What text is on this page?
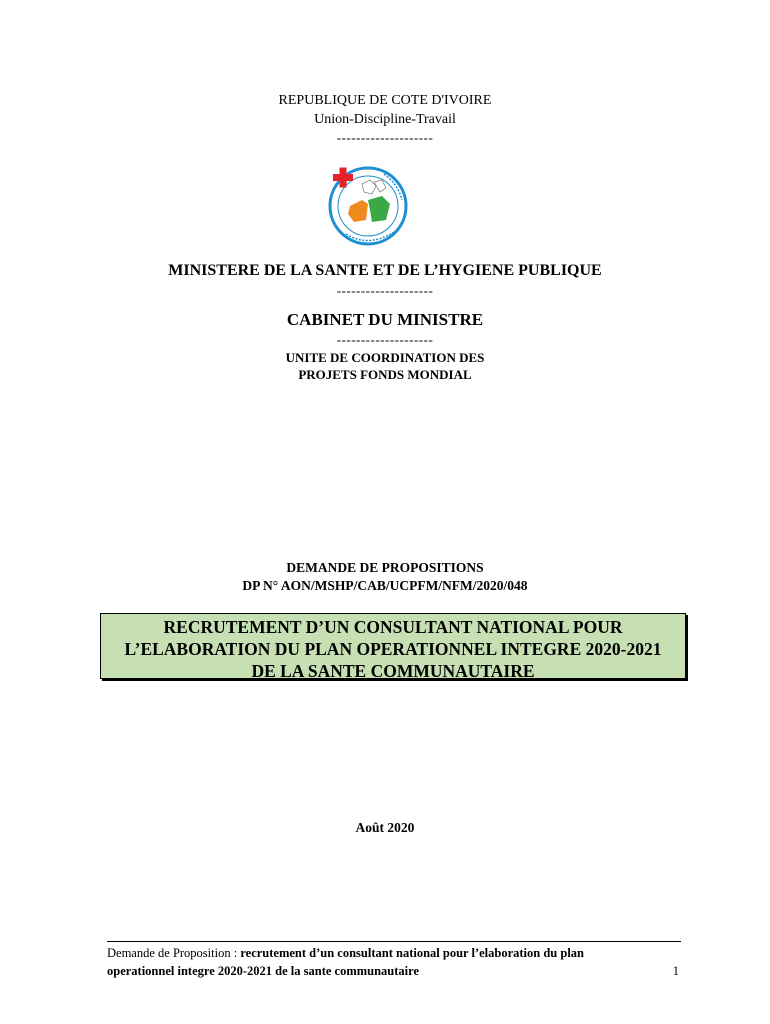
REPUBLIQUE DE COTE D'IVOIRE
Union-Discipline-Travail
--------------------
MINISTERE DE LA SANTE ET DE L’HYGIENE PUBLIQUE
--------------------
CABINET DU MINISTRE
--------------------
UNITE DE COORDINATION DES
PROJETS FONDS MONDIAL
DEMANDE DE PROPOSITIONS
DP N° AON/MSHP/CAB/UCPFM/NFM/2020/048
RECRUTEMENT D’UN CONSULTANT NATIONAL POUR
L’ELABORATION DU PLAN OPERATIONNEL INTEGRE 2020-2021
DE LA SANTE COMMUNAUTAIRE
Août 2020
Demande de Proposition : recrutement d’un consultant national pour l’elaboration du plan
operationnel integre 2020-2021 de la sante communautaire	1
